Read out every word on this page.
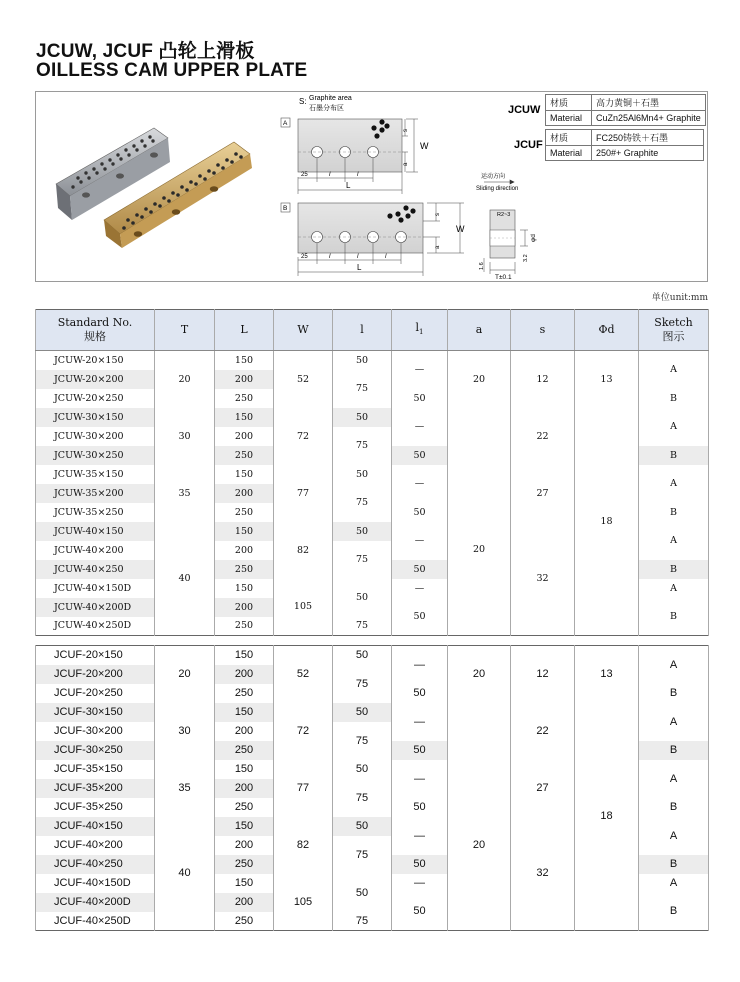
JCUW, JCUF 凸轮上滑板
OILLESS CAM UPPER PLATE
S: Graphite area
石墨分布区
A
25	l	l
L
W
s
a
B
25	l	l	l
L
W
s
a
JCUW
JCUF
运动方向
Sliding direction
R2~3
φd
3.2
1.6
T±0.1
材质	高力黄铜＋石墨
Material	CuZn25Al6Mn4+ Graphite
材质	FC250铸铁＋石墨
Material	250#+ Graphite
单位unit:mm
Standard No.
规格	T	L	W	l	$l_1$	a	s	Φd	Sketch
图示
JCUW-20×150	20	150	52	50	—	20	12	13	A
JCUW-20×200		200		75					
JCUW-20×250		250			50				B
JCUW-30×150	30	150	72	50	—		22	18	A
JCUW-30×200		200		75					
JCUW-30×250		250			50				B
JCUW-35×150	35	150	77	50	—	20	27		A
JCUW-35×200		200		75					
JCUW-35×250		250			50				B
JCUW-40×150	40	150	82	50	—		32		A
JCUW-40×200		200		75					
JCUW-40×250		250			50				B
JCUW-40×150D		150	105	50	—				A
JCUW-40×200D		200			50				B
JCUW-40×250D		250		75					
JCUF-20×150	20	150	52	50	—	20	12	13	A
JCUF-20×200		200		75					
JCUF-20×250		250			50				B
JCUF-30×150	30	150	72	50	—		22	18	A
JCUF-30×200		200		75					
JCUF-30×250		250			50				B
JCUF-35×150	35	150	77	50	—	20	27		A
JCUF-35×200		200		75					
JCUF-35×250		250			50				B
JCUF-40×150	40	150	82	50	—		32		A
JCUF-40×200		200		75					
JCUF-40×250		250			50				B
JCUF-40×150D		150	105	50	—				A
JCUF-40×200D		200			50				B
JCUF-40×250D		250		75					
